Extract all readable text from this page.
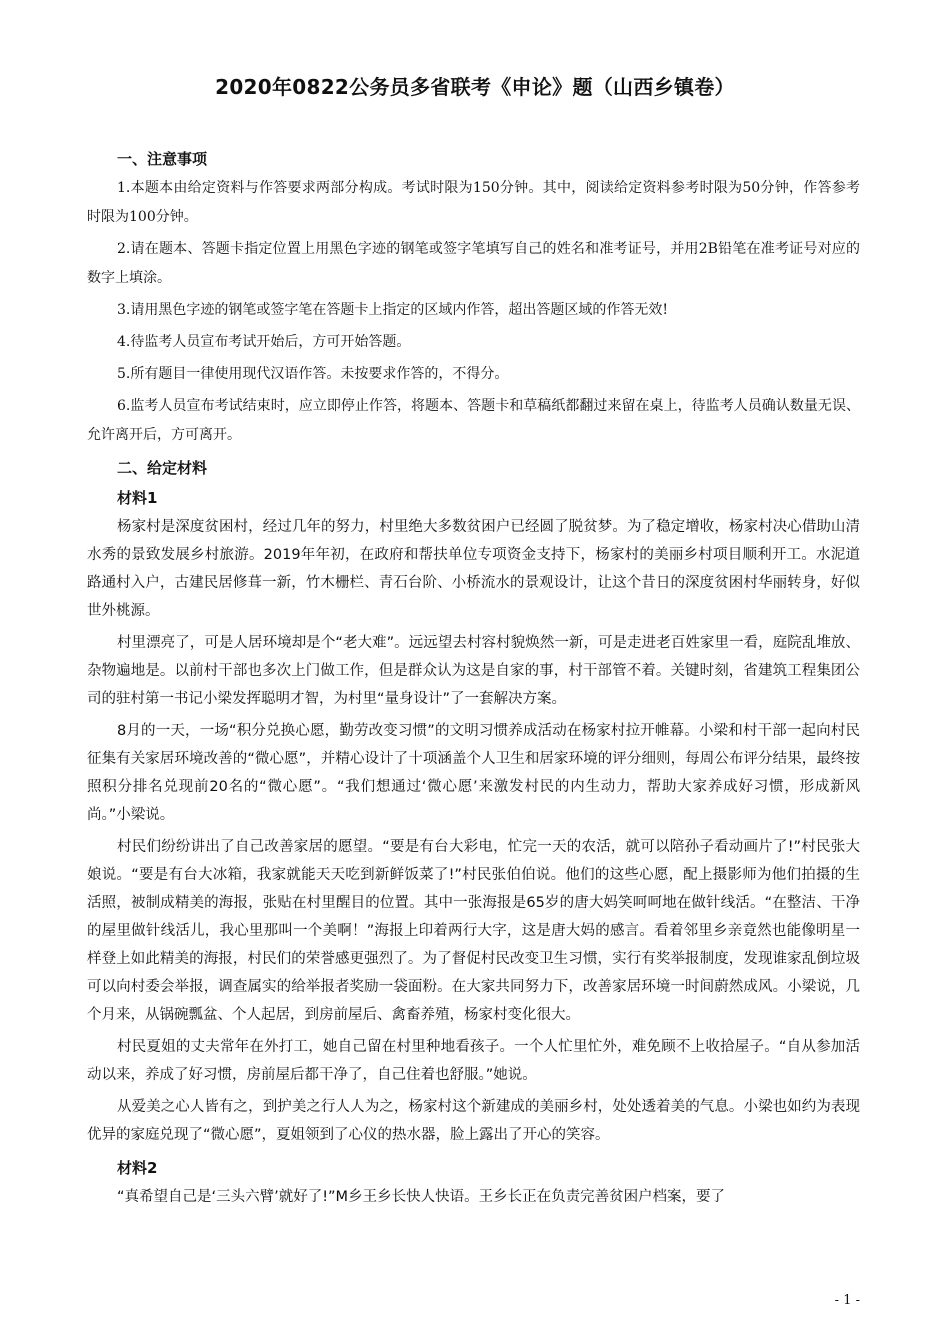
2020年0822公务员多省联考《申论》题（山西乡镇卷）
一、注意事项

1.本题本由给定资料与作答要求两部分构成。考试时限为150分钟。其中，阅读给定资料参考时限为50分钟，作答参考时限为100分钟。

2.请在题本、答题卡指定位置上用黑色字迹的钢笔或签字笔填写自己的姓名和准考证号，并用2B铅笔在准考证号对应的数字上填涂。

3.请用黑色字迹的钢笔或签字笔在答题卡上指定的区域内作答，超出答题区域的作答无效!

4.待监考人员宣布考试开始后，方可开始答题。

5.所有题目一律使用现代汉语作答。未按要求作答的，不得分。

6.监考人员宣布考试结束时，应立即停止作答，将题本、答题卡和草稿纸都翻过来留在桌上，待监考人员确认数量无误、允许离开后，方可离开。

二、给定材料
材料1

杨家村是深度贫困村，经过几年的努力，村里绝大多数贫困户已经圆了脱贫梦。为了稳定增收，杨家村决心借助山清水秀的景致发展乡村旅游。2019年年初，在政府和帮扶单位专项资金支持下，杨家村的美丽乡村项目顺利开工。水泥道路通村入户，古建民居修葺一新，竹木栅栏、青石台阶、小桥流水的景观设计，让这个昔日的深度贫困村华丽转身，好似世外桃源。

村里漂亮了，可是人居环境却是个“老大难”。远远望去村容村貌焕然一新，可是走进老百姓家里一看，庭院乱堆放、杂物遍地是。以前村干部也多次上门做工作，但是群众认为这是自家的事，村干部管不着。关键时刻，省建筑工程集团公司的驻村第一书记小梁发挥聪明才智，为村里“量身设计”了一套解决方案。

8月的一天，一场“积分兑换心愿，勤劳改变习惯”的文明习惯养成活动在杨家村拉开帷幕。小梁和村干部一起向村民征集有关家居环境改善的“微心愿”，并精心设计了十项涵盖个人卫生和居家环境的评分细则，每周公布评分结果，最终按照积分排名兑现前20名的“微心愿”。“我们想通过‘微心愿’来激发村民的内生动力，帮助大家养成好习惯，形成新风尚。”小梁说。

村民们纷纷讲出了自己改善家居的愿望。“要是有台大彩电，忙完一天的农活，就可以陪孙子看动画片了!”村民张大娘说。“要是有台大冰箱，我家就能天天吃到新鲜饭菜了!”村民张伯伯说。他们的这些心愿，配上摄影师为他们拍摄的生活照，被制成精美的海报，张贴在村里醒目的位置。其中一张海报是65岁的唐大妈笑呵呵地在做针线活。“在整洁、干净的屋里做针线活儿，我心里那叫一个美啊！”海报上印着两行大字，这是唐大妈的感言。看着邻里乡亲竟然也能像明星一样登上如此精美的海报，村民们的荣誉感更强烈了。为了督促村民改变卫生习惯，实行有奖举报制度，发现谁家乱倒垃圾可以向村委会举报，调查属实的给举报者奖励一袋面粉。在大家共同努力下，改善家居环境一时间蔚然成风。小梁说，几个月来，从锅碗瓢盆、个人起居，到房前屋后、禽畜养殖，杨家村变化很大。

村民夏姐的丈夫常年在外打工，她自己留在村里种地看孩子。一个人忙里忙外，难免顾不上收拾屋子。“自从参加活动以来，养成了好习惯，房前屋后都干净了，自己住着也舒服。”她说。

从爱美之心人皆有之，到护美之行人人为之，杨家村这个新建成的美丽乡村，处处透着美的气息。小梁也如约为表现优异的家庭兑现了“微心愿”，夏姐领到了心仪的热水器，脸上露出了开心的笑容。

材料2

“真希望自己是‘三头六臂’就好了!”M乡王乡长快人快语。王乡长正在负责完善贫困户档案，要了

- 1 -
